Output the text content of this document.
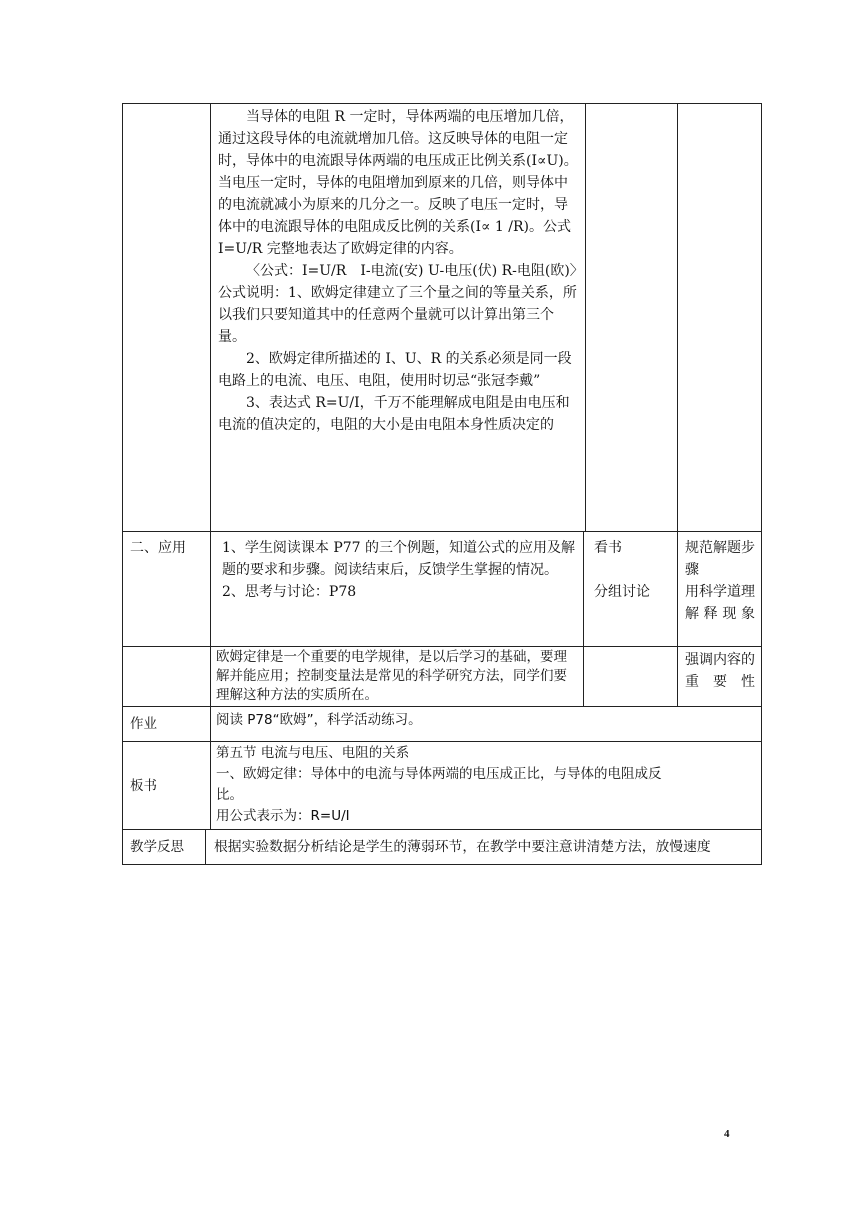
当导体的电阻 R 一定时，导体两端的电压增加几倍，通过这段导体的电流就增加几倍。这反映导体的电阻一定时，导体中的电流跟导体两端的电压成正比例关系(I∝U)。当电压一定时，导体的电阻增加到原来的几倍，则导体中的电流就减小为原来的几分之一。反映了电压一定时，导体中的电流跟导体的电阻成反比例的关系(I∝ 1 /R)。公式 I=U/R 完整地表达了欧姆定律的内容。

〈公式：I=U/R　I-电流(安) U-电压(伏) R-电阻(欧)〉

公式说明：1、欧姆定律建立了三个量之间的等量关系，所以我们只要知道其中的任意两个量就可以计算出第三个量。

2、欧姆定律所描述的 I、U、R 的关系必须是同一段电路上的电流、电压、电阻，使用时切忌“张冠李戴”

3、表达式 R=U/I，千万不能理解成电阻是由电压和电流的值决定的，电阻的大小是由电阻本身性质决定的

二、应用	1、学生阅读课本 P77 的三个例题，知道公式的应用及解题的要求和步骤。阅读结束后，反馈学生掌握的情况。

2、思考与讨论：P78

看书

分组讨论

规范解题步骤

用科学道理解释现象

欧姆定律是一个重要的电学规律，是以后学习的基础，要理解并能应用；控制变量法是常见的科学研究方法，同学们要理解这种方法的实质所在。
强调内容的重要性
作业	阅读 P78“欧姆”，科学活动练习。
板书

第五节 电流与电压、电阻的关系

一、欧姆定律：导体中的电流与导体两端的电压成正比，与导体的电阻成反比。

用公式表示为：R=U/I

教学反思 根据实验数据分析结论是学生的薄弱环节，在教学中要注意讲清楚方法，放慢速度
4
